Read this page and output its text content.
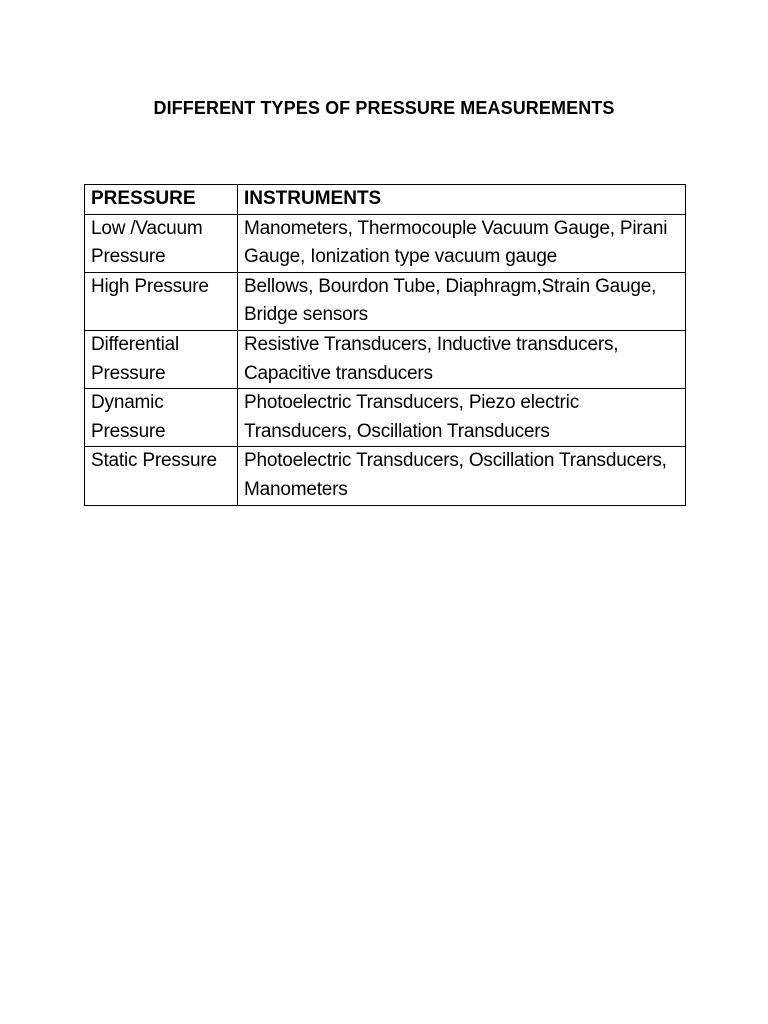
DIFFERENT TYPES OF PRESSURE MEASUREMENTS
PRESSURE	INSTRUMENTS

Low /Vacuum Pressure	Manometers, Thermocouple Vacuum Gauge, Pirani Gauge, Ionization type vacuum gauge

High Pressure	Bellows, Bourdon Tube, Diaphragm,Strain Gauge, Bridge sensors

Differential Pressure	Resistive Transducers, Inductive transducers, Capacitive transducers

Dynamic Pressure	Photoelectric Transducers, Piezo electric Transducers, Oscillation Transducers

Static Pressure	Photoelectric Transducers, Oscillation Transducers, Manometers
